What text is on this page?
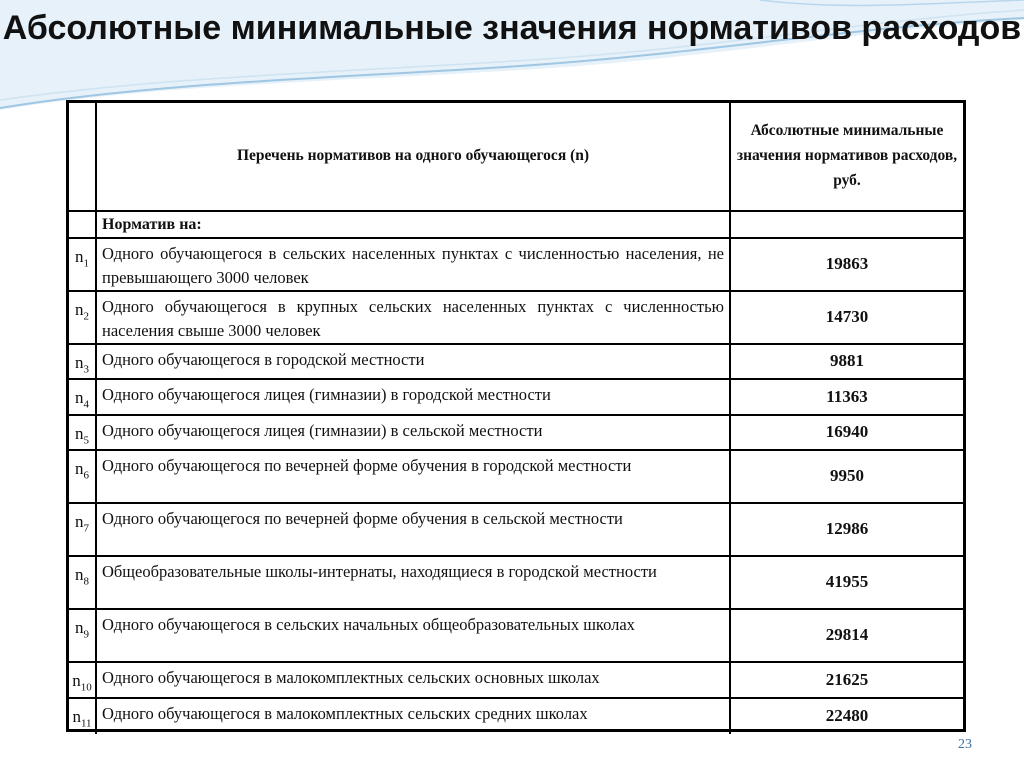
Абсолютные минимальные значения нормативов расходов
	Перечень нормативов на одного обучающегося (n)	Абсолютные минимальные значения нормативов расходов, руб.
	Норматив на:	
$n_1$	Одного обучающегося в сельских населенных пунктах с численностью населения, не превышающего 3000 человек	19863
$n_2$	Одного обучающегося в крупных сельских населенных пунктах с численностью населения свыше 3000 человек	14730
$n_3$	Одного обучающегося в городской местности	9881
$n_4$	Одного обучающегося лицея (гимназии) в городской местности	11363
$n_5$	Одного обучающегося лицея (гимназии) в сельской местности	16940
$n_6$	Одного обучающегося по вечерней форме обучения в городской местности	9950
$n_7$	Одного обучающегося по вечерней форме обучения в сельской местности	12986
$n_8$	Общеобразовательные школы-интернаты, находящиеся в городской местности	41955
$n_9$	Одного обучающегося в сельских начальных общеобразовательных школах	29814
$n_{10}$	Одного обучающегося в малокомплектных сельских основных школах	21625
$n_{11}$	Одного обучающегося в малокомплектных сельских средних школах	22480
23
